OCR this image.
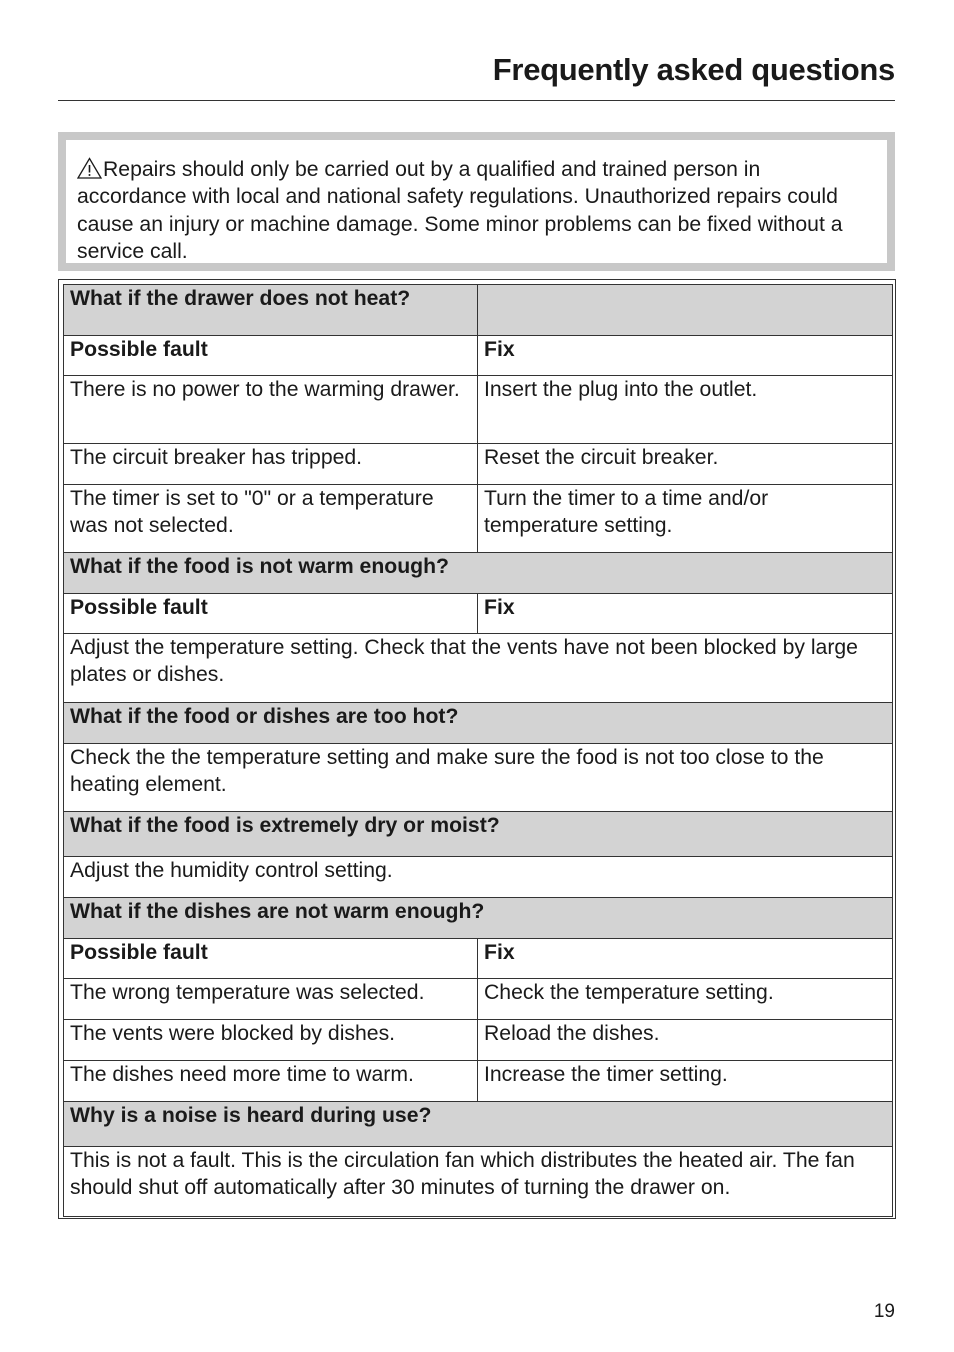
Frequently asked questions
Repairs should only be carried out by a qualified and trained person in accordance with local and national safety regulations. Unauthorized repairs could cause an injury or machine damage. Some minor problems can be fixed without a service call.
What if the drawer does not heat?	
Possible fault	Fix
There is no power to the warming drawer.	Insert the plug into the outlet.
The circuit breaker has tripped.	Reset the circuit breaker.
The timer is set to "0" or a temperature was not selected.	Turn the timer to a time and/or temperature setting.
What if the food is not warm enough?	
Possible fault	Fix
Adjust the temperature setting. Check that the vents have not been blocked by large plates or dishes.	
What if the food or dishes are too hot?	
Check the the temperature setting and make sure the food is not too close to the heating element.	
What if the food is extremely dry or moist?	
Adjust the humidity control setting.	
What if the dishes are not warm enough?	
Possible fault	Fix
The wrong temperature was selected.	Check the temperature setting.
The vents were blocked by dishes.	Reload the dishes.
The dishes need more time to warm.	Increase the timer setting.
Why is a noise is heard during use?	
This is not a fault. This is the circulation fan which distributes the heated air. The fan should shut off automatically after 30 minutes of turning the drawer on.	
19
